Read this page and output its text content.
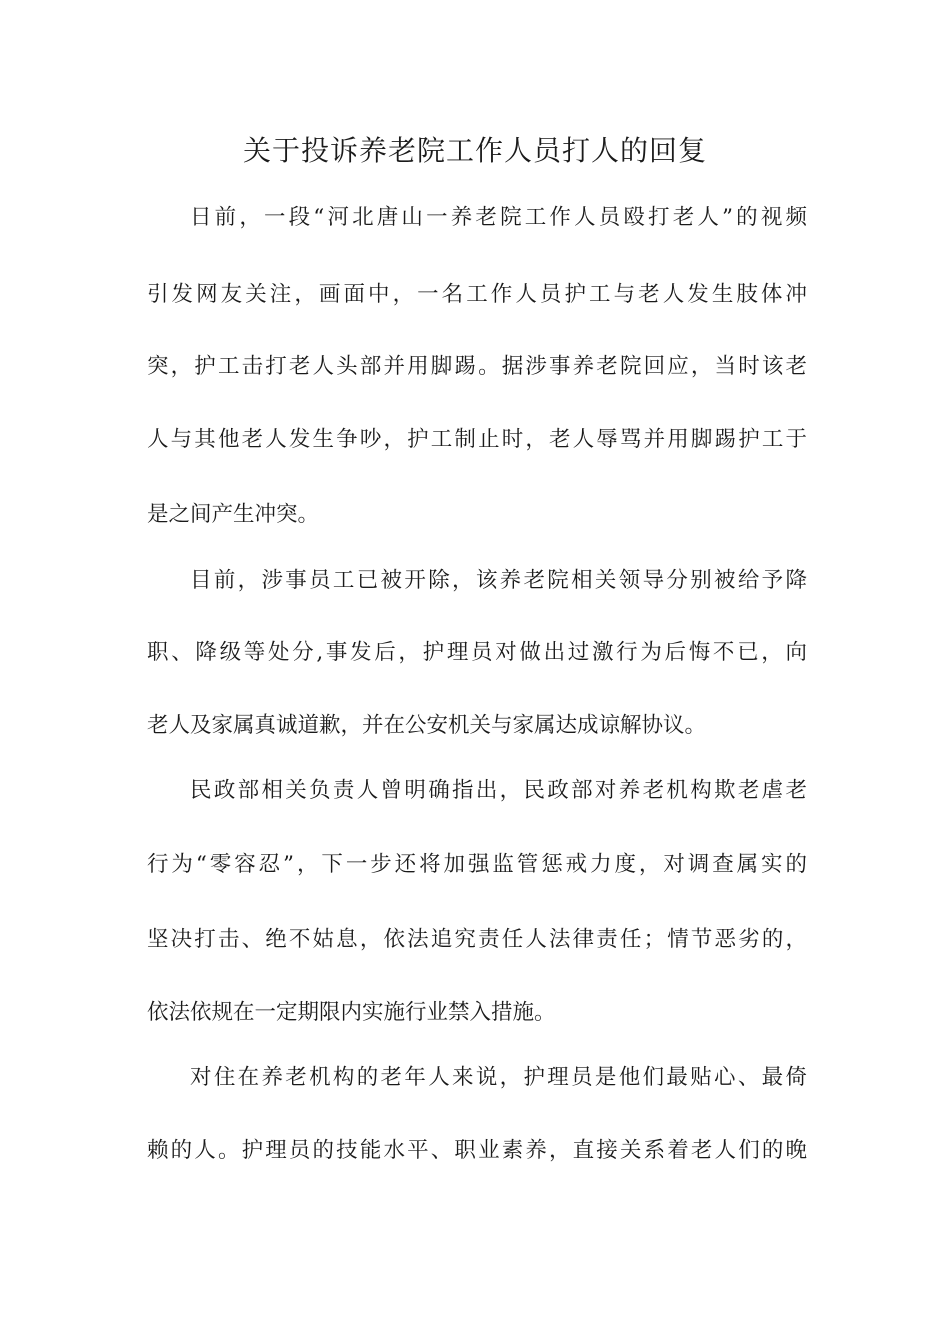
关于投诉养老院工作人员打人的回复

日前，一段“河北唐山一养老院工作人员殴打老人”的视频

引发网友关注，画面中，一名工作人员护工与老人发生肢体冲

突，护工击打老人头部并用脚踢。据涉事养老院回应，当时该老

人与其他老人发生争吵，护工制止时，老人辱骂并用脚踢护工于

是之间产生冲突。

目前，涉事员工已被开除，该养老院相关领导分别被给予降

职、降级等处分,事发后，护理员对做出过激行为后悔不已，向

老人及家属真诚道歉，并在公安机关与家属达成谅解协议。

民政部相关负责人曾明确指出，民政部对养老机构欺老虐老

行为“零容忍”，下一步还将加强监管惩戒力度，对调查属实的

坚决打击、绝不姑息，依法追究责任人法律责任；情节恶劣的，

依法依规在一定期限内实施行业禁入措施。

对住在养老机构的老年人来说，护理员是他们最贴心、最倚

赖的人。护理员的技能水平、职业素养，直接关系着老人们的晚
